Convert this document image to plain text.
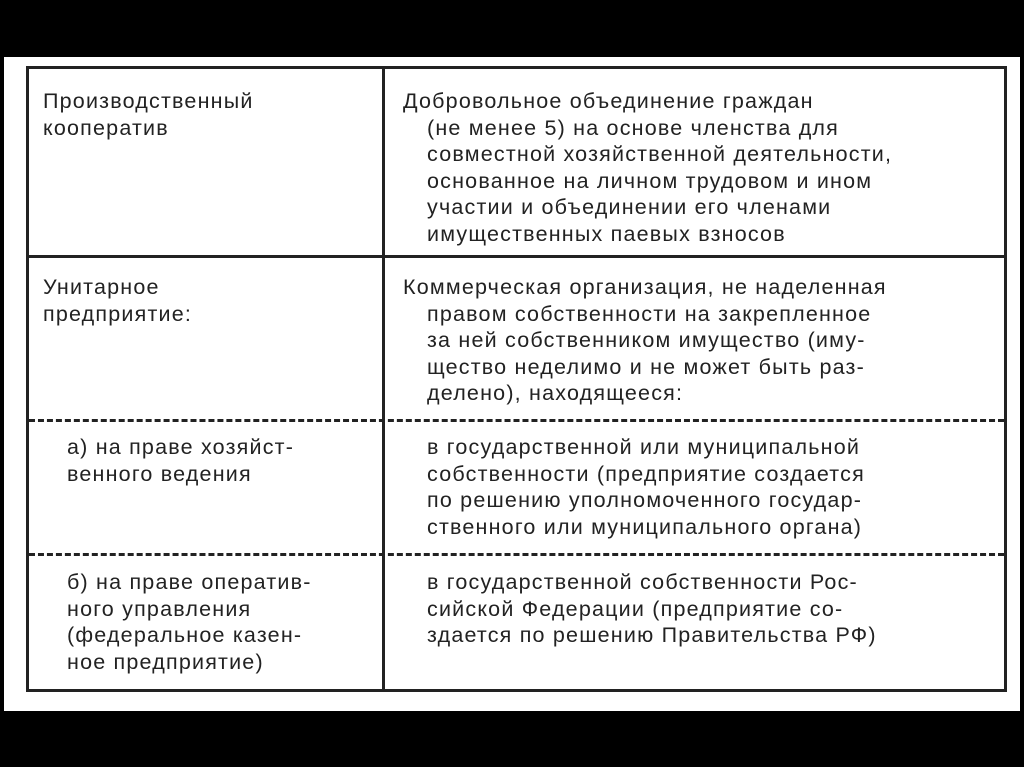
Производственный
кооператив
Добровольное объединение граждан
(не менее 5) на основе членства для
совместной хозяйственной деятельности,
основанное на личном трудовом и ином
участии и объединении его членами
имущественных паевых взносов
Унитарное
предприятие:
Коммерческая организация, не наделенная
правом собственности на закрепленное
за ней собственником имущество (иму-
щество неделимо и не может быть раз-
делено), находящееся:
а) на праве хозяйст-
венного ведения
в государственной или муниципальной
собственности (предприятие создается
по решению уполномоченного государ-
ственного или муниципального органа)
б) на праве оператив-
ного управления
(федеральное казен-
ное предприятие)
в государственной собственности Рос-
сийской Федерации (предприятие со-
здается по решению Правительства РФ)
